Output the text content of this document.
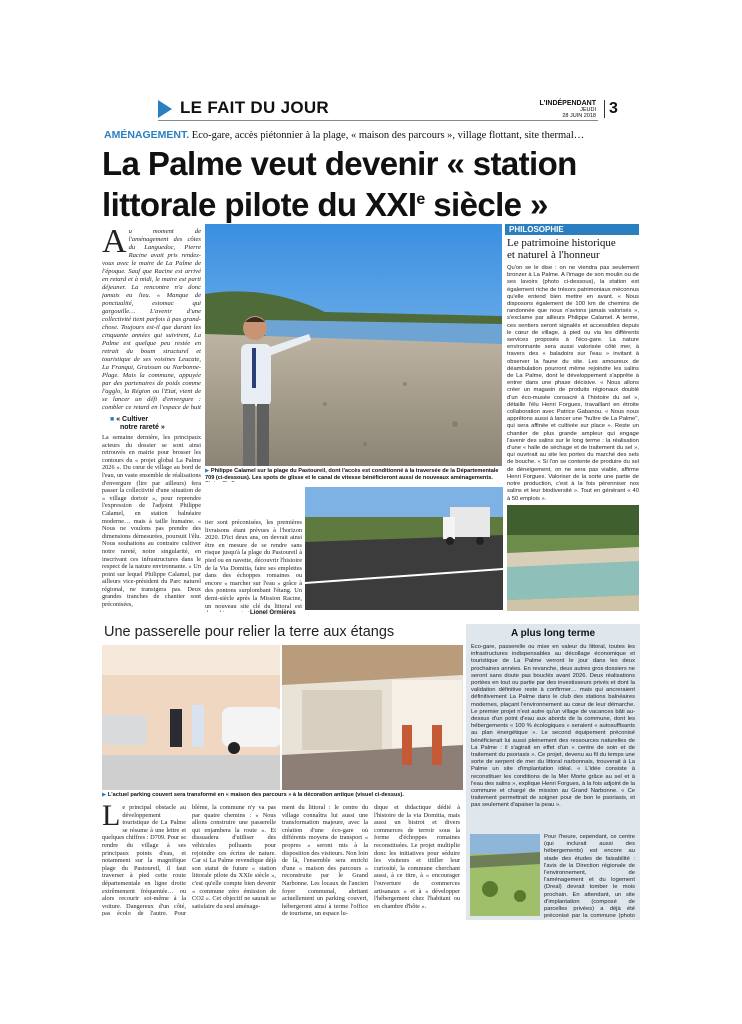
LE FAIT DU JOUR	L'INDÉPENDANT
JEUDI
28 JUIN 2018 3
AMÉNAGEMENT. Eco-gare, accès piétonnier à la plage, « maison des parcours », village flottant, site thermal…
La Palme veut devenir « station
littorale pilote du XXIe siècle »
A u moment de l'aménagement des côtes du Languedoc, Pierre Racine avait pris rendez-vous avec le maire de La Palme de l'époque. Sauf que Racine est arrivé en retard et à midi, le maire est parti déjeuner. La rencontre n'a donc jamais eu lieu. « Manque de ponctualité, estomac qui gargouille… L'avenir d'une collectivité tient parfois à pas grand-chose. Toujours est-il que durant les cinquante années qui suivirent, La Palme est quelque peu restée en retrait du boum structurel et touristique de ses voisines Leucate, La Franqui, Gruissan ou Narbonne-Plage. Mais la commune, appuyée par des partenaires de poids comme l'agglo, la Région ou l'Etat, vient de se lancer un défi d'envergure : combler ce retard en l'espace de huit
■ « Cultiver
notre rareté »
La semaine dernière, les principaux acteurs du dossier se sont ainsi retrouvés en mairie pour brosser les contours du « projet global La Palme 2026 ». Du cœur de village au bord de l'eau, un vaste ensemble de réalisations d'envergure (lire par ailleurs) fera passer la collectivité d'une situation de « village dortoir », pour reprendre l'expression de l'adjoint Philippe Calamel, en station balnéaire moderne… mais à taille humaine. « Nous ne voulons pas prendre des dimensions démesurées, poursuit l'élu. Nous souhaitons au contraire cultiver notre rareté, notre singularité, en inscrivant ces infrastructures dans le respect de la nature environnante. » Un point sur lequel Philippe Calamel, par ailleurs vice-président du Parc naturel régional, ne transigera pas. Deux grandes tranches de chantier sont préconisées,
tier sont préconisées, les premières livraisons étant prévues à l'horizon 2020. D'ici deux ans, on devrait ainsi être en mesure de se rendre sans risque jusqu'à la plage du Pastoureil à pied ou en navette, découvrir l'histoire de la Via Domitia, faire ses emplettes dans des échoppes romaines ou encore « marcher sur l'eau » grâce à des pontons surplombant l'étang. Un demi-siècle après la Mission Racine, un nouveau site clé du littoral est
Lionel Ormières
▶ Philippe Calamel sur la plage du Pastoureil, dont l'accès est conditionné à la traversée de la Départementale 709 (ci-dessous). Les spots de glisse et le canal de vitesse bénéficieront aussi de nouveaux aménagements.
PHILOSOPHIE
Le patrimoine historique
et naturel à l'honneur
Qu'on se le dise : on ne viendra pas seulement bronzer à La Palme. A l'image de son moulin ou de ses lavoirs (photo ci-dessous), la station est également riche de trésors patrimoniaux méconnus qu'elle entend bien mettre en avant. « Nous disposons également de 100 km de chemins de randonnée que nous n'avions jamais valorisés », s'exclame par ailleurs Philippe Calamel. A terme, ces sentiers seront signalés et accessibles depuis le cœur de village, à pied ou via les différents services proposés à l'éco-gare. La nature environnante sera aussi valorisée côté mer, à travers des « baladoirs sur l'eau » invitant à observer la faune du site. Les amoureux de déambulation pourront même rejoindre les salins de La Palme, dont le développement s'apprête à entrer dans une phase décisive. « Nous allons créer un magasin de produits régionaux doublé d'un éco-musée consacré à l'histoire du sel », détaille l'élu Henri Forgues, travaillant en étroite collaboration avec Patrice Gabanou. « Nous nous apprêtons aussi à lancer une "huître de La Palme", qui sera affinée et cultivée sur place ». Reste un chantier de plus grande ampleur qui engage l'avenir des salins sur le long terme : la réalisation d'une « halle de séchage et de traitement du sel », qui ouvrirait au site les portes du marché des sels de bouche. « Si l'on se contente de produire du sel de déneigement, on ne sera pas viable, affirme Henri Forgues. Valoriser de la sorte une partie de notre production, c'est à la fois pérenniser nos salins et leur biodiversité ». Tout en générant « 40 à 50 emplois ».
Une passerelle pour relier la terre aux étangs
▶ L'actuel parking couvert sera transformé en « maison des parcours » à la décoration antique (visuel ci-dessus).
L e principal obstacle au développement touristique de La Palme se résume à une lettre et quelques chiffres : D709. Pour se rendre du village à ses principaux points d'eau, et notamment sur la magnifique plage du Pastoureil, il faut traverser à pied cette route départementale en ligne droite extrêmement fréquentée… ou alors recourir soi-même à la voiture. Dangereux d'un côté, pas écolo de l'autre. Pour
blème, la commune n'y va pas par quatre chemins : « Nous allons construire une passerelle qui enjambera la route ». Et dissuadera d'utiliser des véhicules polluants pour rejoindre ces écrins de nature. Car si La Palme revendique déjà son statut de future « station littorale pilote du XXIe siècle », c'est qu'elle compte bien devenir « commune zéro émission de CO2 ». Cet objectif ne saurait se satisfaire du seul aménage-
ment du littoral : le centre du village connaîtra lui aussi une transformation majeure, avec la création d'une éco-gare où différents moyens de transport « propres » seront mis à la disposition des visiteurs. Non loin de là, l'ensemble sera enrichi d'une « maison des parcours » reconstruite par le Grand Narbonne. Les locaux de l'ancien foyer communal, abritant actuellement un parking couvert, hébergeront ainsi à terme l'office de tourisme, un espace lu-
dique et didactique dédié à l'histoire de la via Domitia, mais aussi un bistrot et divers commerces de terroir sous la forme d'échoppes romaines reconstituées. Le projet multiplie donc les initiatives pour séduire les visiteurs et titiller leur curiosité, la commune cherchant aussi, à ce titre, à « encourager l'ouverture de commerces artisanaux » et à « développer l'hébergement chez l'habitant ou en chambre d'hôte ».
A plus long terme
Eco-gare, passerelle ou mise en valeur du littoral, toutes les infrastructures indispensables au décollage économique et touristique de La Palme verront le jour dans les deux prochaines années. En revanche, deux autres gros dossiers ne seront sans doute pas bouclés avant 2026. Deux réalisations portées en tout ou partie par des investisseurs privés et dont la validation définitive reste à confirmer… mais qui ancreraient définitivement La Palme dans le club des stations balnéaires modernes, plaçant l'environnement au cœur de leur démarche. Le premier projet n'est autre qu'un village de vacances bâti au-dessus d'un point d'eau aux abords de la commune, dont les hébergements « 100 % écologiques » seraient « autosuffisants au plan énergétique ». Le second équipement préconisé bénéficierait lui aussi pleinement des ressources naturelles de La Palme : il s'agirait en effet d'un « centre de soin et de traitement du psoriasis ». Ce projet, devenu au fil du temps une sorte de serpent de mer du littoral narbonnais, trouverait à La Palme un site d'implantation idéal. « L'idée consiste à reconstituer les conditions de la Mer Morte grâce au sel et à l'eau des salins », explique Henri Forgues, à la fois adjoint de la commune et chargé de mission au Grand Narbonne. « Ce traitement permettrait de soigner pour de bon le psoriasis, et pas seulement d'apaiser la peau ».
Pour l'heure, cependant, ce centre (qui inclurait aussi des hébergements) est encore au stade des études de faisabilité : l'avis de la Direction régionale de l'environnement, de l'aménagement et du logement (Dreal) devrait tomber le mois prochain. En attendant, un site d'implantation (composé de parcelles privées) a déjà été préconisé par la commune (photo
